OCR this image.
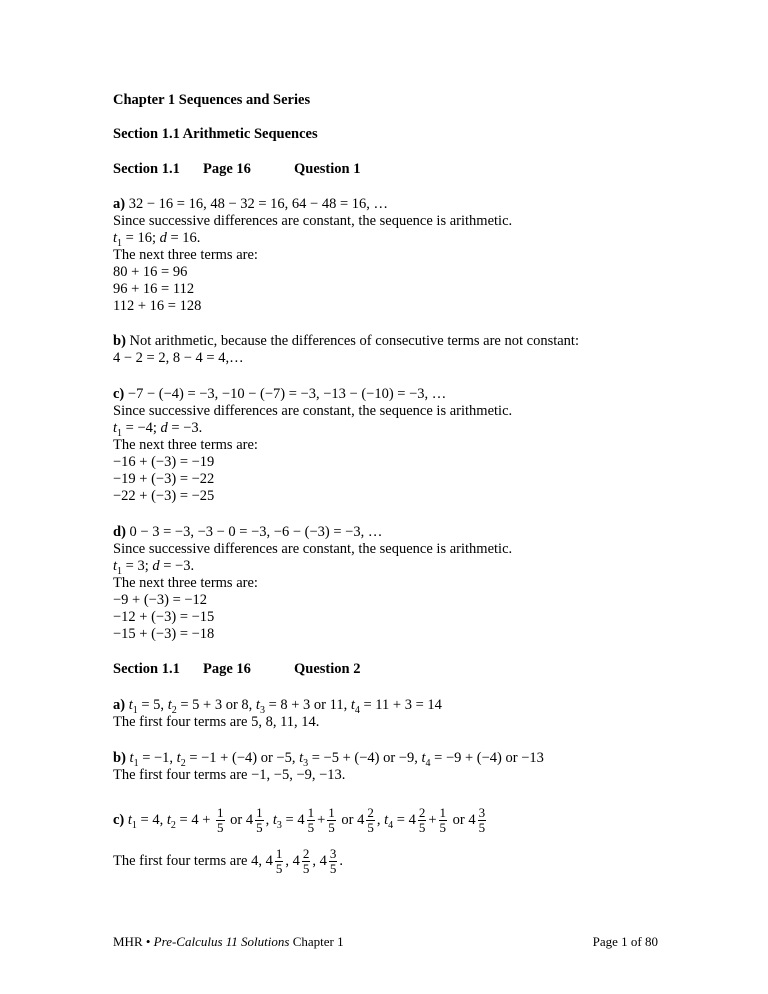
Chapter 1 Sequences and Series
Section 1.1 Arithmetic Sequences
Section 1.1 Page 16	Question 1
a) 32 − 16 = 16, 48 − 32 = 16, 64 − 48 = 16, …
Since successive differences are constant, the sequence is arithmetic.
$t_1 = 16$; d = 16.
The next three terms are:
80 + 16 = 96
96 + 16 = 112
112 + 16 = 128
b) Not arithmetic, because the differences of consecutive terms are not constant:
4 − 2 = 2, 8 − 4 = 4,…
c) −7 − (−4) = −3, −10 − (−7) = −3, −13 − (−10) = −3, …
Since successive differences are constant, the sequence is arithmetic.
$t_1 = -4$; d = −3.
The next three terms are:
−16 + (−3) = −19
−19 + (−3) = −22
−22 + (−3) = −25
d) 0 − 3 = −3, −3 − 0 = −3, −6 − (−3) = −3, …
Since successive differences are constant, the sequence is arithmetic.
$t_1 = 3$; d = −3.
The next three terms are:
−9 + (−3) = −12
−12 + (−3) = −15
−15 + (−3) = −18
Section 1.1 Page 16	Question 2
a) $t_1 = 5$, $t_2 = 5 + 3$ or 8, $t_3 = 8 + 3$ or 11, $t_4 = 11 + 3 = 14$
The first four terms are 5, 8, 11, 14.
b) $t_1 = -1$, $t_2 = -1 + (-4)$ or −5, $t_3 = -5 + (-4)$ or −9, $t_4 = -9 + (-4)$ or −13
The first four terms are −1, −5, −9, −13.
c) $t_1 = 4$, $t_2 = 4 + \frac{1}{5}$ or $4 \frac{1}{5}$ , $t_3 = 4 \frac{1}{5} + \frac{1}{5}$ or $4 \frac{2}{5}$ , $t_4 = 4 \frac{2}{5} + \frac{1}{5}$ or $4 \frac{3}{5}$
The first four terms are 4, $4 \frac{1}{5}$ , $4 \frac{2}{5}$ , $4 \frac{3}{5}$ .
MHR • Pre-Calculus 11 Solutions Chapter 1	Page 1 of 80
